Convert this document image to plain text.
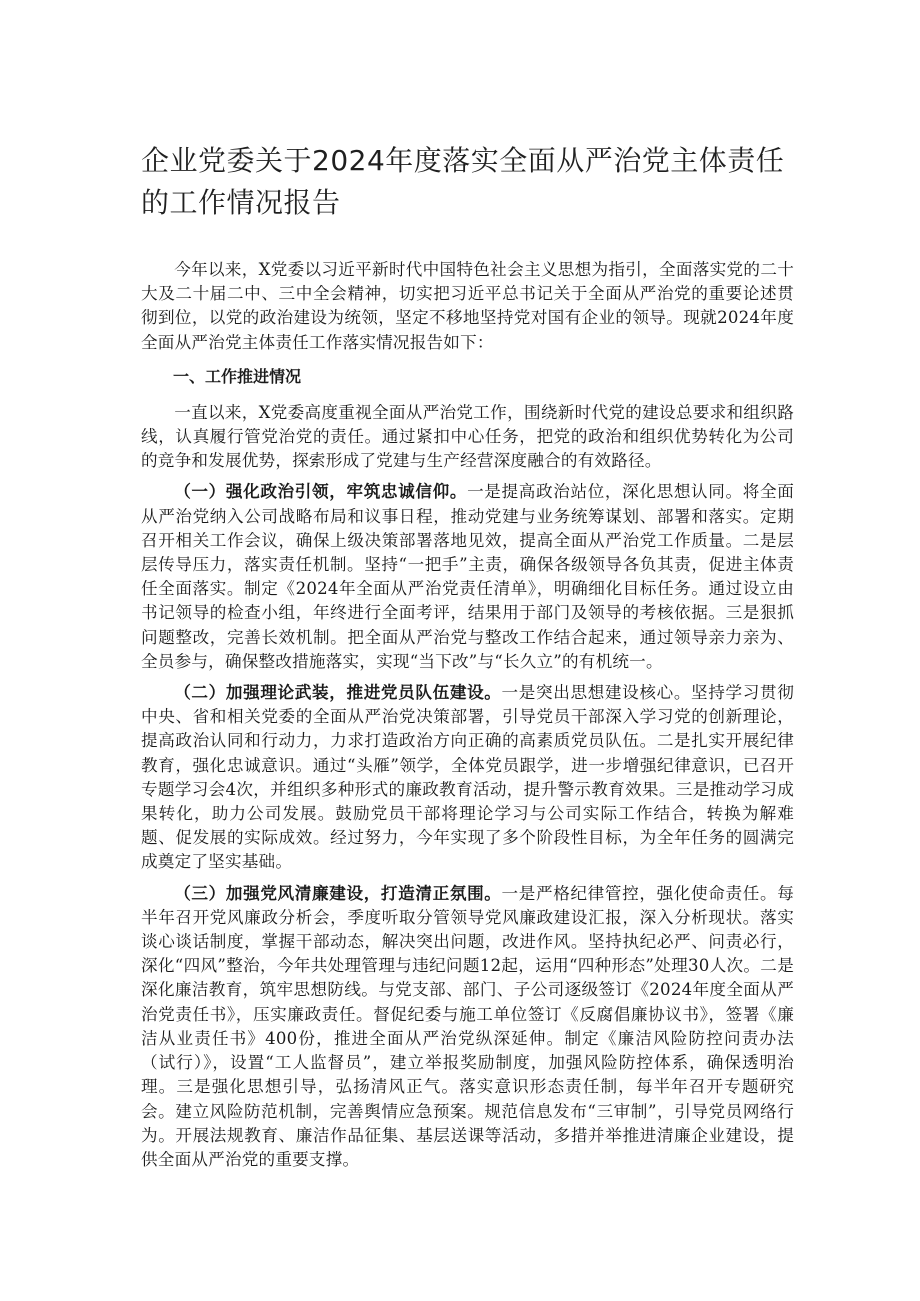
企业党委关于2024年度落实全面从严治党主体责任
的工作情况报告

今年以来，X党委以习近平新时代中国特色社会主义思想为指引，全面落实党的二十大及二十届二中、三中全会精神，切实把习近平总书记关于全面从严治党的重要论述贯彻到位，以党的政治建设为统领，坚定不移地坚持党对国有企业的领导。现就2024年度全面从严治党主体责任工作落实情况报告如下：

一、工作推进情况

一直以来，X党委高度重视全面从严治党工作，围绕新时代党的建设总要求和组织路线，认真履行管党治党的责任。通过紧扣中心任务，把党的政治和组织优势转化为公司的竞争和发展优势，探索形成了党建与生产经营深度融合的有效路径。

（一）强化政治引领，牢筑忠诚信仰。一是提高政治站位，深化思想认同。将全面从严治党纳入公司战略布局和议事日程，推动党建与业务统筹谋划、部署和落实。定期召开相关工作会议，确保上级决策部署落地见效，提高全面从严治党工作质量。二是层层传导压力，落实责任机制。坚持“一把手”主责，确保各级领导各负其责，促进主体责任全面落实。制定《2024年全面从严治党责任清单》，明确细化目标任务。通过设立由书记领导的检查小组，年终进行全面考评，结果用于部门及领导的考核依据。三是狠抓问题整改，完善长效机制。把全面从严治党与整改工作结合起来，通过领导亲力亲为、全员参与，确保整改措施落实，实现“当下改”与“长久立”的有机统一。

（二）加强理论武装，推进党员队伍建设。一是突出思想建设核心。坚持学习贯彻中央、省和相关党委的全面从严治党决策部署，引导党员干部深入学习党的创新理论，提高政治认同和行动力，力求打造政治方向正确的高素质党员队伍。二是扎实开展纪律教育，强化忠诚意识。通过“头雁”领学，全体党员跟学，进一步增强纪律意识，已召开专题学习会4次，并组织多种形式的廉政教育活动，提升警示教育效果。三是推动学习成果转化，助力公司发展。鼓励党员干部将理论学习与公司实际工作结合，转换为解难题、促发展的实际成效。经过努力，今年实现了多个阶段性目标，为全年任务的圆满完成奠定了坚实基础。

（三）加强党风清廉建设，打造清正氛围。一是严格纪律管控，强化使命责任。每半年召开党风廉政分析会，季度听取分管领导党风廉政建设汇报，深入分析现状。落实谈心谈话制度，掌握干部动态，解决突出问题，改进作风。坚持执纪必严、问责必行，深化“四风”整治，今年共处理管理与违纪问题12起，运用“四种形态”处理30人次。二是深化廉洁教育，筑牢思想防线。与党支部、部门、子公司逐级签订《2024年度全面从严治党责任书》，压实廉政责任。督促纪委与施工单位签订《反腐倡廉协议书》，签署《廉洁从业责任书》400份，推进全面从严治党纵深延伸。制定《廉洁风险防控问责办法（试行）》，设置“工人监督员”，建立举报奖励制度，加强风险防控体系，确保透明治理。三是强化思想引导，弘扬清风正气。落实意识形态责任制，每半年召开专题研究会。建立风险防范机制，完善舆情应急预案。规范信息发布“三审制”，引导党员网络行为。开展法规教育、廉洁作品征集、基层送课等活动，多措并举推进清廉企业建设，提供全面从严治党的重要支撑。
